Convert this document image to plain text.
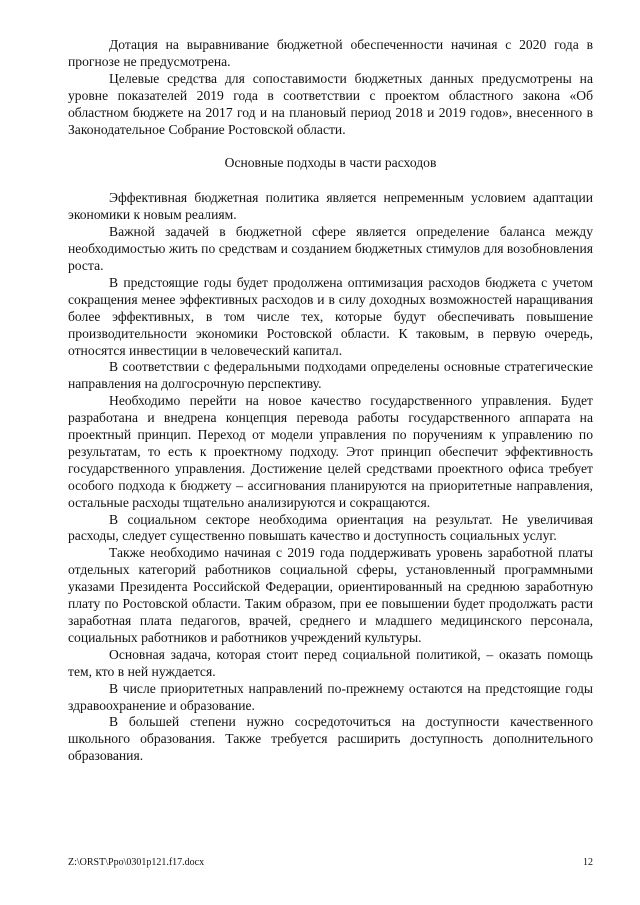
Дотация на выравнивание бюджетной обеспеченности начиная с 2020 года в прогнозе не предусмотрена.

Целевые средства для сопоставимости бюджетных данных предусмотрены на уровне показателей 2019 года в соответствии с проектом областного закона «Об областном бюджете на 2017 год и на плановый период 2018 и 2019 годов», внесенного в Законодательное Собрание Ростовской области.

Основные подходы в части расходов

Эффективная бюджетная политика является непременным условием адаптации экономики к новым реалиям.

Важной задачей в бюджетной сфере является определение баланса между необходимостью жить по средствам и созданием бюджетных стимулов для возобновления роста.

В предстоящие годы будет продолжена оптимизация расходов бюджета с учетом сокращения менее эффективных расходов и в силу доходных возможностей наращивания более эффективных, в том числе тех, которые будут обеспечивать повышение производительности экономики Ростовской области. К таковым, в первую очередь, относятся инвестиции в человеческий капитал.

В соответствии с федеральными подходами определены основные стратегические направления на долгосрочную перспективу.

Необходимо перейти на новое качество государственного управления. Будет разработана и внедрена концепция перевода работы государственного аппарата на проектный принцип. Переход от модели управления по поручениям к управлению по результатам, то есть к проектному подходу. Этот принцип обеспечит эффективность государственного управления. Достижение целей средствами проектного офиса требует особого подхода к бюджету – ассигнования планируются на приоритетные направления, остальные расходы тщательно анализируются и сокращаются.

В социальном секторе необходима ориентация на результат. Не увеличивая расходы, следует существенно повышать качество и доступность социальных услуг.

Также необходимо начиная с 2019 года поддерживать уровень заработной платы отдельных категорий работников социальной сферы, установленный программными указами Президента Российской Федерации, ориентированный на среднюю заработную плату по Ростовской области. Таким образом, при ее повышении будет продолжать расти заработная плата педагогов, врачей, среднего и младшего медицинского персонала, социальных работников и работников учреждений культуры.

Основная задача, которая стоит перед социальной политикой, – оказать помощь тем, кто в ней нуждается.

В числе приоритетных направлений по-прежнему остаются на предстоящие годы здравоохранение и образование.

В большей степени нужно сосредоточиться на доступности качественного школьного образования. Также требуется расширить доступность дополнительного образования.

Z:\ORST\Ppo\0301p121.f17.docx	12
